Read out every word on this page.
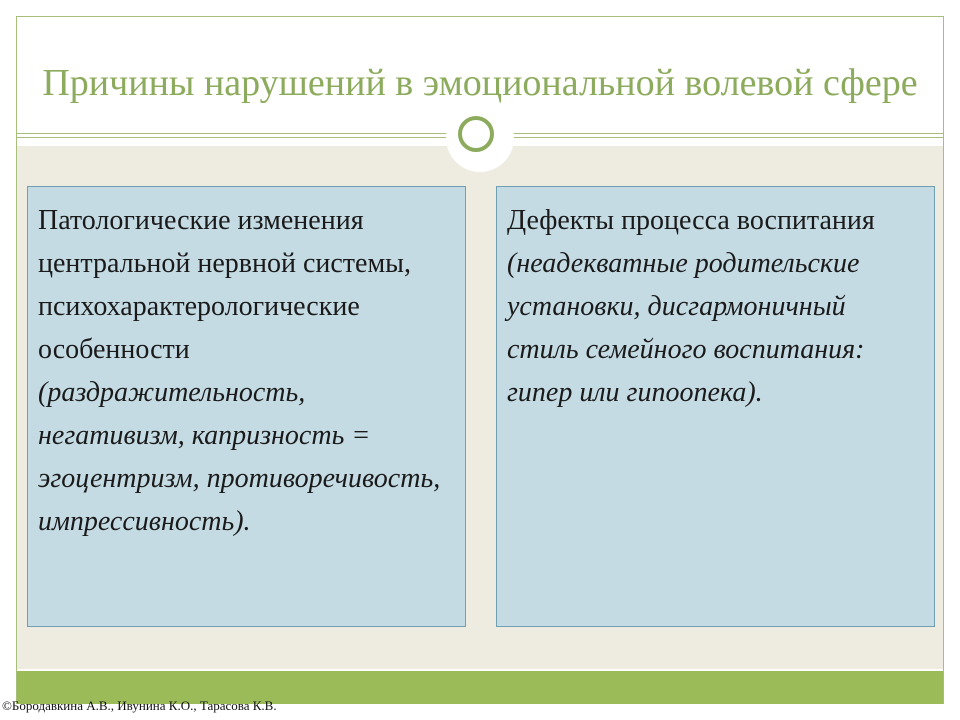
Причины нарушений в эмоциональной волевой сфере

Патологические изменения центральной нервной системы, психохарактерологические особенности (раздражительность, негативизм, капризность = эгоцентризм, противоречивость, импрессивность).

Дефекты процесса воспитания (неадекватные родительские установки, дисгармоничный стиль семейного воспитания: гипер или гипоопека).

©Бородавкина А.В., Ивунина К.О., Тарасова К.В.
